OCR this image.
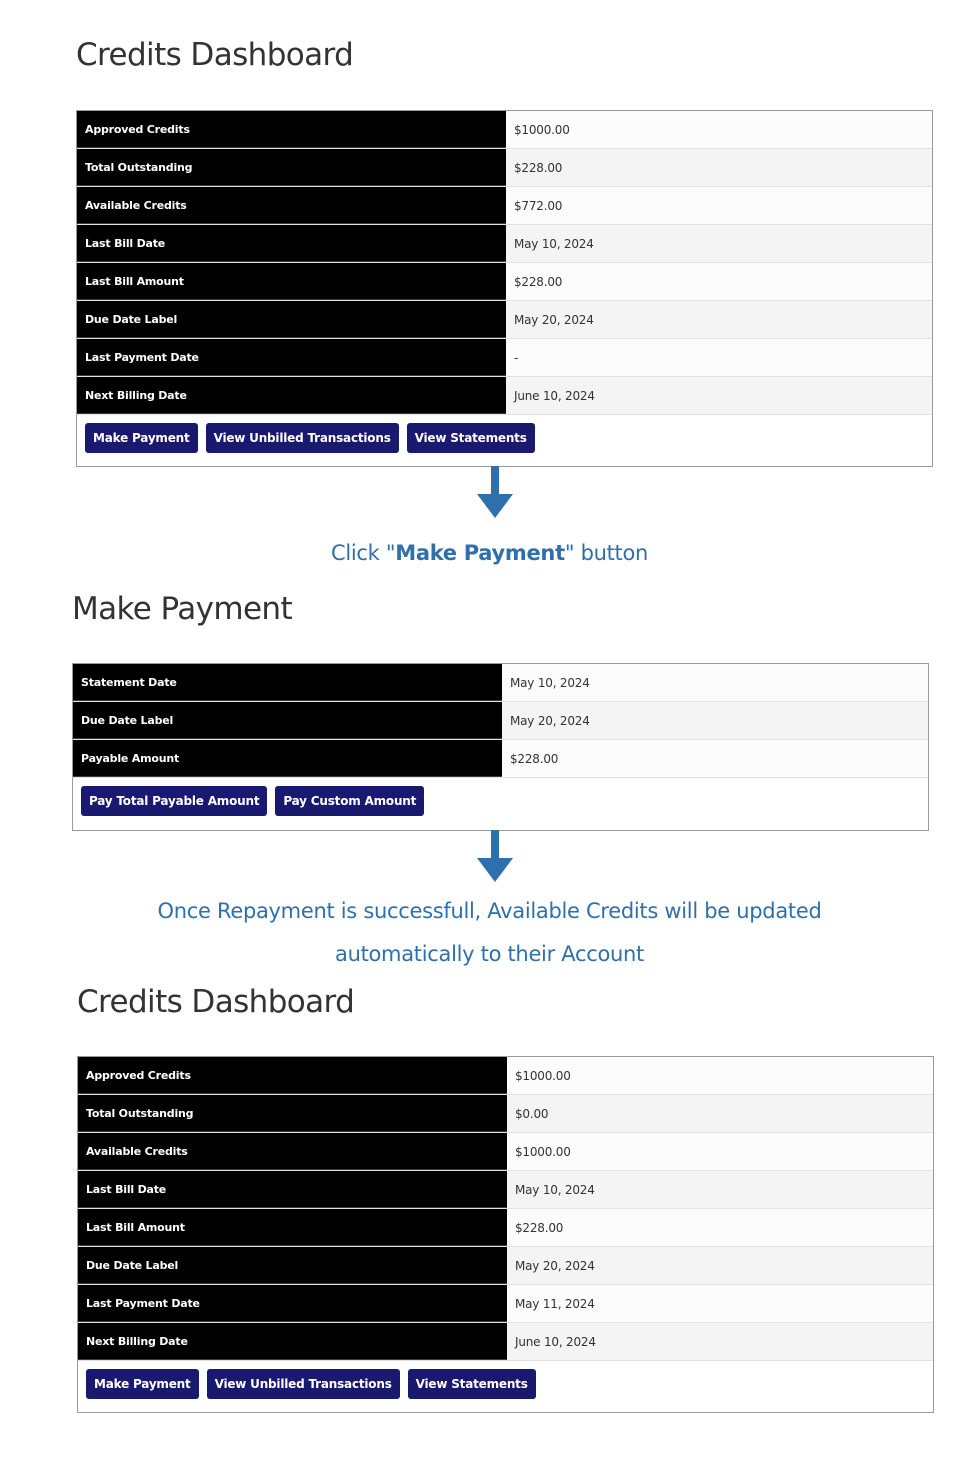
Credits Dashboard
Approved Credits	$1000.00
Total Outstanding	$228.00
Available Credits	$772.00
Last Bill Date	May 10, 2024
Last Bill Amount	$228.00
Due Date Label	May 20, 2024
Last Payment Date	-
Next Billing Date	June 10, 2024
Make Payment	View Unbilled Transactions	View Statements
Click "Make Payment" button
Make Payment
Statement Date	May 10, 2024
Due Date Label	May 20, 2024
Payable Amount	$228.00
Pay Total Payable Amount	Pay Custom Amount
Once Repayment is successfull, Available Credits will be updated
automatically to their Account
Credits Dashboard
Approved Credits	$1000.00
Total Outstanding	$0.00
Available Credits	$1000.00
Last Bill Date	May 10, 2024
Last Bill Amount	$228.00
Due Date Label	May 20, 2024
Last Payment Date	May 11, 2024
Next Billing Date	June 10, 2024
Make Payment	View Unbilled Transactions	View Statements
